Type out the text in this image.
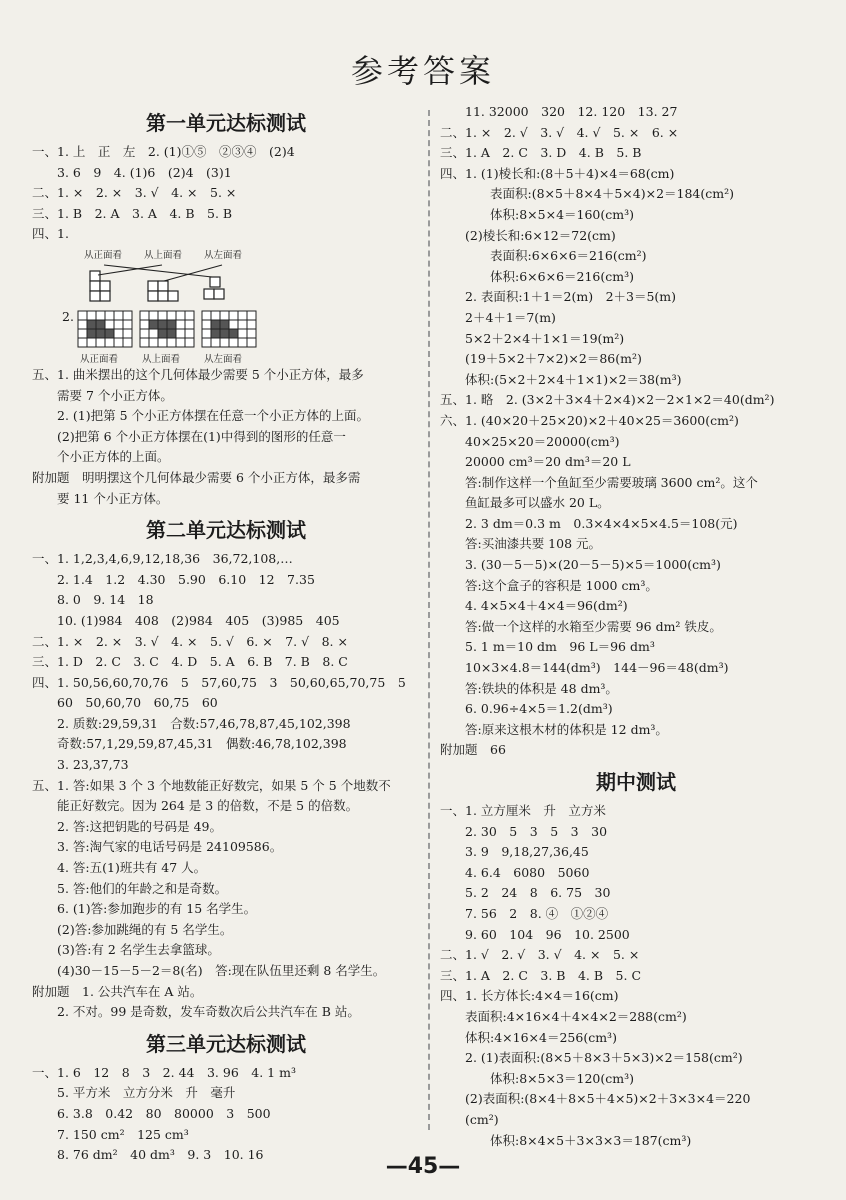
参考答案
第一单元达标测试
一、1. 上　正　左　2. (1)①⑤　②③④　(2)4
　　3. 6　9　4. (1)6　(2)4　(3)1
二、1. ×　2. ×　3. √　4. ×　5. ×
三、1. B　2. A　3. A　4. B　5. B
四、1.
从正面看 从上面看 从左面看
2.
从正面看	从上面看	从左面看
五、1. 曲米摆出的这个几何体最少需要 5 个小正方体，最多
　　需要 7 个小正方体。
　　2. (1)把第 5 个小正方体摆在任意一个小正方体的上面。
　　(2)把第 6 个小正方体摆在(1)中得到的图形的任意一
　　个小正方体的上面。
附加题　明明摆这个几何体最少需要 6 个小正方体，最多需
　　要 11 个小正方体。
第二单元达标测试
一、1. 1,2,3,4,6,9,12,18,36　36,72,108,…
　　2. 1.4　1.2　4.30　5.90　6.10　12　7.35
　　8. 0　9. 14　18
　　10. (1)984　408　(2)984　405　(3)985　405
二、1. ×　2. ×　3. √　4. ×　5. √　6. ×　7. √　8. ×
三、1. D　2. C　3. C　4. D　5. A　6. B　7. B　8. C
四、1. 50,56,60,70,76　5　57,60,75　3　50,60,65,70,75　5
　　60　50,60,70　60,75　60
　　2. 质数:29,59,31　合数:57,46,78,87,45,102,398
　　奇数:57,1,29,59,87,45,31　偶数:46,78,102,398
　　3. 23,37,73
五、1. 答:如果 3 个 3 个地数能正好数完，如果 5 个 5 个地数不
　　能正好数完。因为 264 是 3 的倍数，不是 5 的倍数。
　　2. 答:这把钥匙的号码是 49。
　　3. 答:淘气家的电话号码是 24109586。
　　4. 答:五(1)班共有 47 人。
　　5. 答:他们的年龄之和是奇数。
　　6. (1)答:参加跑步的有 15 名学生。
　　(2)答:参加跳绳的有 5 名学生。
　　(3)答:有 2 名学生去拿篮球。
　　(4)30－15－5－2＝8(名)　答:现在队伍里还剩 8 名学生。
附加题　1. 公共汽车在 A 站。
　　2. 不对。99 是奇数，发车奇数次后公共汽车在 B 站。
第三单元达标测试
一、1. 6　12　8　3　2. 44　3. 96　4. 1 m³
　　5. 平方米　立方分米　升　毫升
　　6. 3.8　0.42　80　80000　3　500
　　7. 150 cm²　125 cm³
　　8. 76 dm²　40 dm³　9. 3　10. 16
　　11. 32000　320　12. 120　13. 27
二、1. ×　2. √　3. √　4. √　5. ×　6. ×
三、1. A　2. C　3. D　4. B　5. B
四、1. (1)棱长和:(8＋5＋4)×4＝68(cm)
　　　　表面积:(8×5＋8×4＋5×4)×2＝184(cm²)
　　　　体积:8×5×4＝160(cm³)
　　(2)棱长和:6×12＝72(cm)
　　　　表面积:6×6×6＝216(cm²)
　　　　体积:6×6×6＝216(cm³)
　　2. 表面积:1＋1＝2(m)　2＋3＝5(m)
　　2＋4＋1＝7(m)
　　5×2＋2×4＋1×1＝19(m²)
　　(19＋5×2＋7×2)×2＝86(m²)
　　体积:(5×2＋2×4＋1×1)×2＝38(m³)
五、1. 略　2. (3×2＋3×4＋2×4)×2－2×1×2＝40(dm²)
六、1. (40×20＋25×20)×2＋40×25＝3600(cm²)
　　40×25×20＝20000(cm³)
　　20000 cm³＝20 dm³＝20 L
　　答:制作这样一个鱼缸至少需要玻璃 3600 cm²。这个
　　鱼缸最多可以盛水 20 L。
　　2. 3 dm＝0.3 m　0.3×4×4×5×4.5＝108(元)
　　答:买油漆共要 108 元。
　　3. (30－5－5)×(20－5－5)×5＝1000(cm³)
　　答:这个盒子的容积是 1000 cm³。
　　4. 4×5×4＋4×4＝96(dm²)
　　答:做一个这样的水箱至少需要 96 dm² 铁皮。
　　5. 1 m＝10 dm　96 L＝96 dm³
　　10×3×4.8＝144(dm³)　144－96＝48(dm³)
　　答:铁块的体积是 48 dm³。
　　6. 0.96÷4×5＝1.2(dm³)
　　答:原来这根木材的体积是 12 dm³。
附加题　66
期中测试
一、1. 立方厘米　升　立方米
　　2. 30　5　3　5　3　30
　　3. 9　9,18,27,36,45
　　4. 6.4　6080　5060
　　5. 2　24　8　6. 75　30
　　7. 56　2　8. ④　①②④
　　9. 60　104　96　10. 2500
二、1. √　2. √　3. √　4. ×　5. ×
三、1. A　2. C　3. B　4. B　5. C
四、1. 长方体长:4×4＝16(cm)
　　表面积:4×16×4＋4×4×2＝288(cm²)
　　体积:4×16×4＝256(cm³)
　　2. (1)表面积:(8×5＋8×3＋5×3)×2＝158(cm²)
　　　　体积:8×5×3＝120(cm³)
　　(2)表面积:(8×4＋8×5＋4×5)×2＋3×3×4＝220
　　(cm²)
　　　　体积:8×4×5＋3×3×3＝187(cm³)
—45—
